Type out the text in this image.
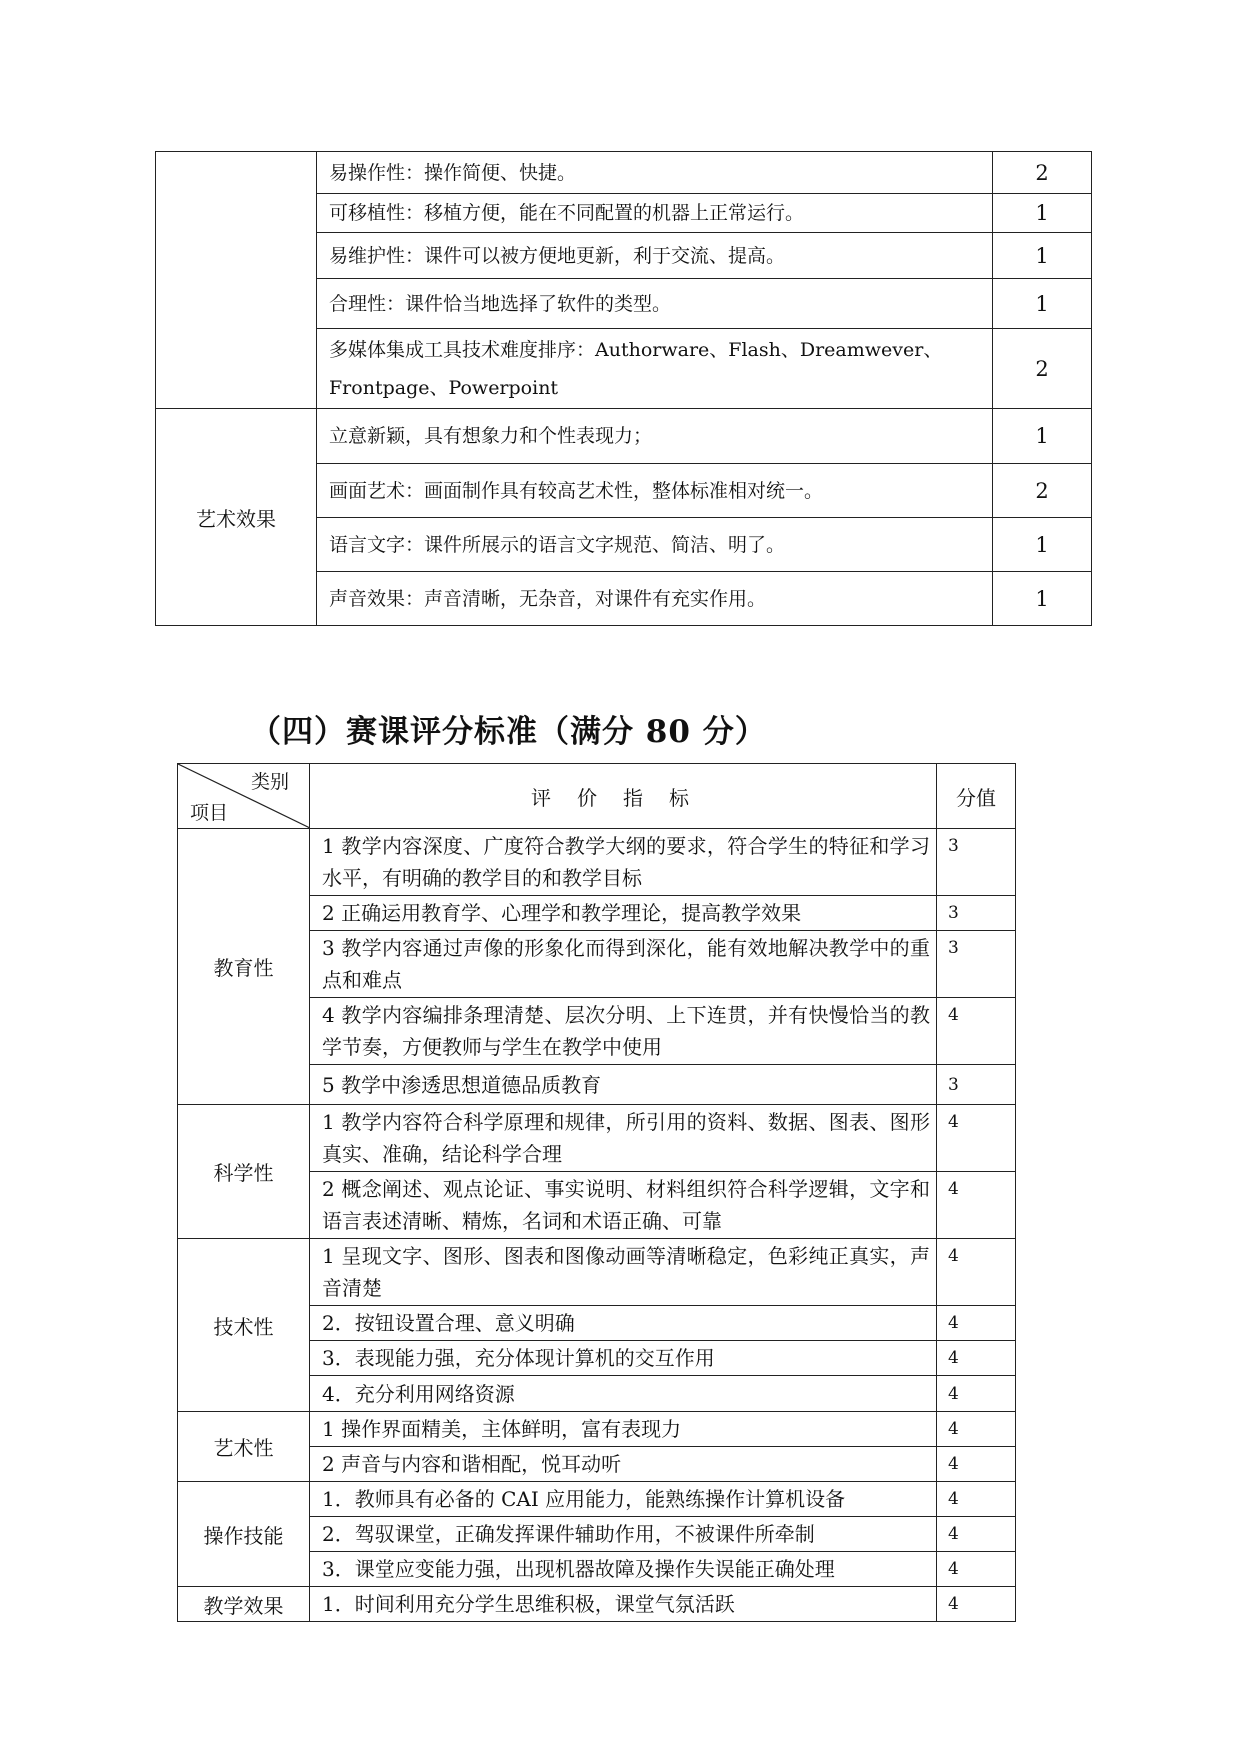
	易操作性：操作简便、快捷。	2
	可移植性：移植方便，能在不同配置的机器上正常运行。	1
	易维护性：课件可以被方便地更新，利于交流、提高。	1
	合理性：课件恰当地选择了软件的类型。	1
	多媒体集成工具技术难度排序：Authorware、Flash、Dreamwever、Frontpage、Powerpoint	2
艺术效果	立意新颖，具有想象力和个性表现力；	1
	画面艺术：画面制作具有较高艺术性，整体标准相对统一。	2
	语言文字：课件所展示的语言文字规范、简洁、明了。	1
	声音效果：声音清晰，无杂音，对课件有充实作用。	1
（四）赛课评分标准（满分 80 分）
类别
项目	评价指标	分值
教育性	1 教学内容深度、广度符合教学大纲的要求，符合学生的特征和学习水平，有明确的教学目的和教学目标	3
	2 正确运用教育学、心理学和教学理论，提高教学效果	3
	3 教学内容通过声像的形象化而得到深化，能有效地解决教学中的重点和难点	3
	4 教学内容编排条理清楚、层次分明、上下连贯，并有快慢恰当的教学节奏，方便教师与学生在教学中使用	4
	5 教学中渗透思想道德品质教育	3
科学性	1 教学内容符合科学原理和规律，所引用的资料、数据、图表、图形真实、准确，结论科学合理	4
	2 概念阐述、观点论证、事实说明、材料组织符合科学逻辑，文字和语言表述清晰、精炼，名词和术语正确、可靠	4
技术性	1 呈现文字、图形、图表和图像动画等清晰稳定，色彩纯正真实，声音清楚	4
	2．按钮设置合理、意义明确	4
	3．表现能力强，充分体现计算机的交互作用	4
	4．充分利用网络资源	4
艺术性	1 操作界面精美，主体鲜明，富有表现力	4
	2 声音与内容和谐相配，悦耳动听	4
操作技能	1．教师具有必备的 CAI 应用能力，能熟练操作计算机设备	4
	2．驾驭课堂，正确发挥课件辅助作用，不被课件所牵制	4
	3．课堂应变能力强，出现机器故障及操作失误能正确处理	4
教学效果	1．时间利用充分学生思维积极，课堂气氛活跃	4
